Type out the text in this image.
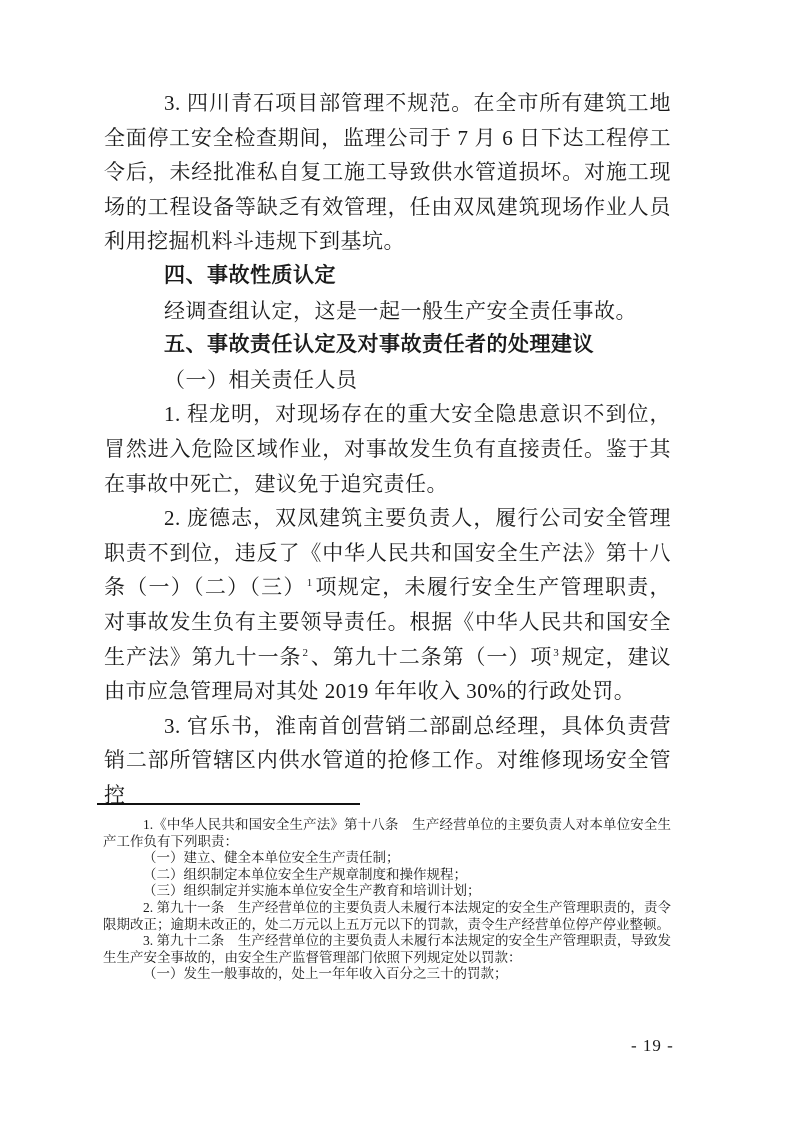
3. 四川青石项目部管理不规范。在全市所有建筑工地全面停工安全检查期间，监理公司于 7 月 6 日下达工程停工令后，未经批准私自复工施工导致供水管道损坏。对施工现场的工程设备等缺乏有效管理，任由双凤建筑现场作业人员利用挖掘机料斗违规下到基坑。

四、事故性质认定

经调查组认定，这是一起一般生产安全责任事故。

五、事故责任认定及对事故责任者的处理建议

（一）相关责任人员

1. 程龙明，对现场存在的重大安全隐患意识不到位，冒然进入危险区域作业，对事故发生负有直接责任。鉴于其在事故中死亡，建议免于追究责任。

2. 庞德志，双凤建筑主要负责人，履行公司安全管理职责不到位，违反了《中华人民共和国安全生产法》第十八条（一）（二）（三）$^1$项规定，未履行安全生产管理职责，对事故发生负有主要领导责任。根据《中华人民共和国安全生产法》第九十一条$^2$、第九十二条第（一）项$^3$规定，建议由市应急管理局对其处 2019 年年收入 30%的行政处罚。

3. 官乐书，淮南首创营销二部副总经理，具体负责营销二部所管辖区内供水管道的抢修工作。对维修现场安全管控

1.《中华人民共和国安全生产法》第十八条　生产经营单位的主要负责人对本单位安全生产工作负有下列职责：

（一）建立、健全本单位安全生产责任制；

（二）组织制定本单位安全生产规章制度和操作规程；

（三）组织制定并实施本单位安全生产教育和培训计划；

2. 第九十一条　生产经营单位的主要负责人未履行本法规定的安全生产管理职责的，责令限期改正；逾期未改正的，处二万元以上五万元以下的罚款，责令生产经营单位停产停业整顿。

3. 第九十二条　生产经营单位的主要负责人未履行本法规定的安全生产管理职责，导致发生生产安全事故的，由安全生产监督管理部门依照下列规定处以罚款：

（一）发生一般事故的，处上一年年收入百分之三十的罚款；

- 19 -
